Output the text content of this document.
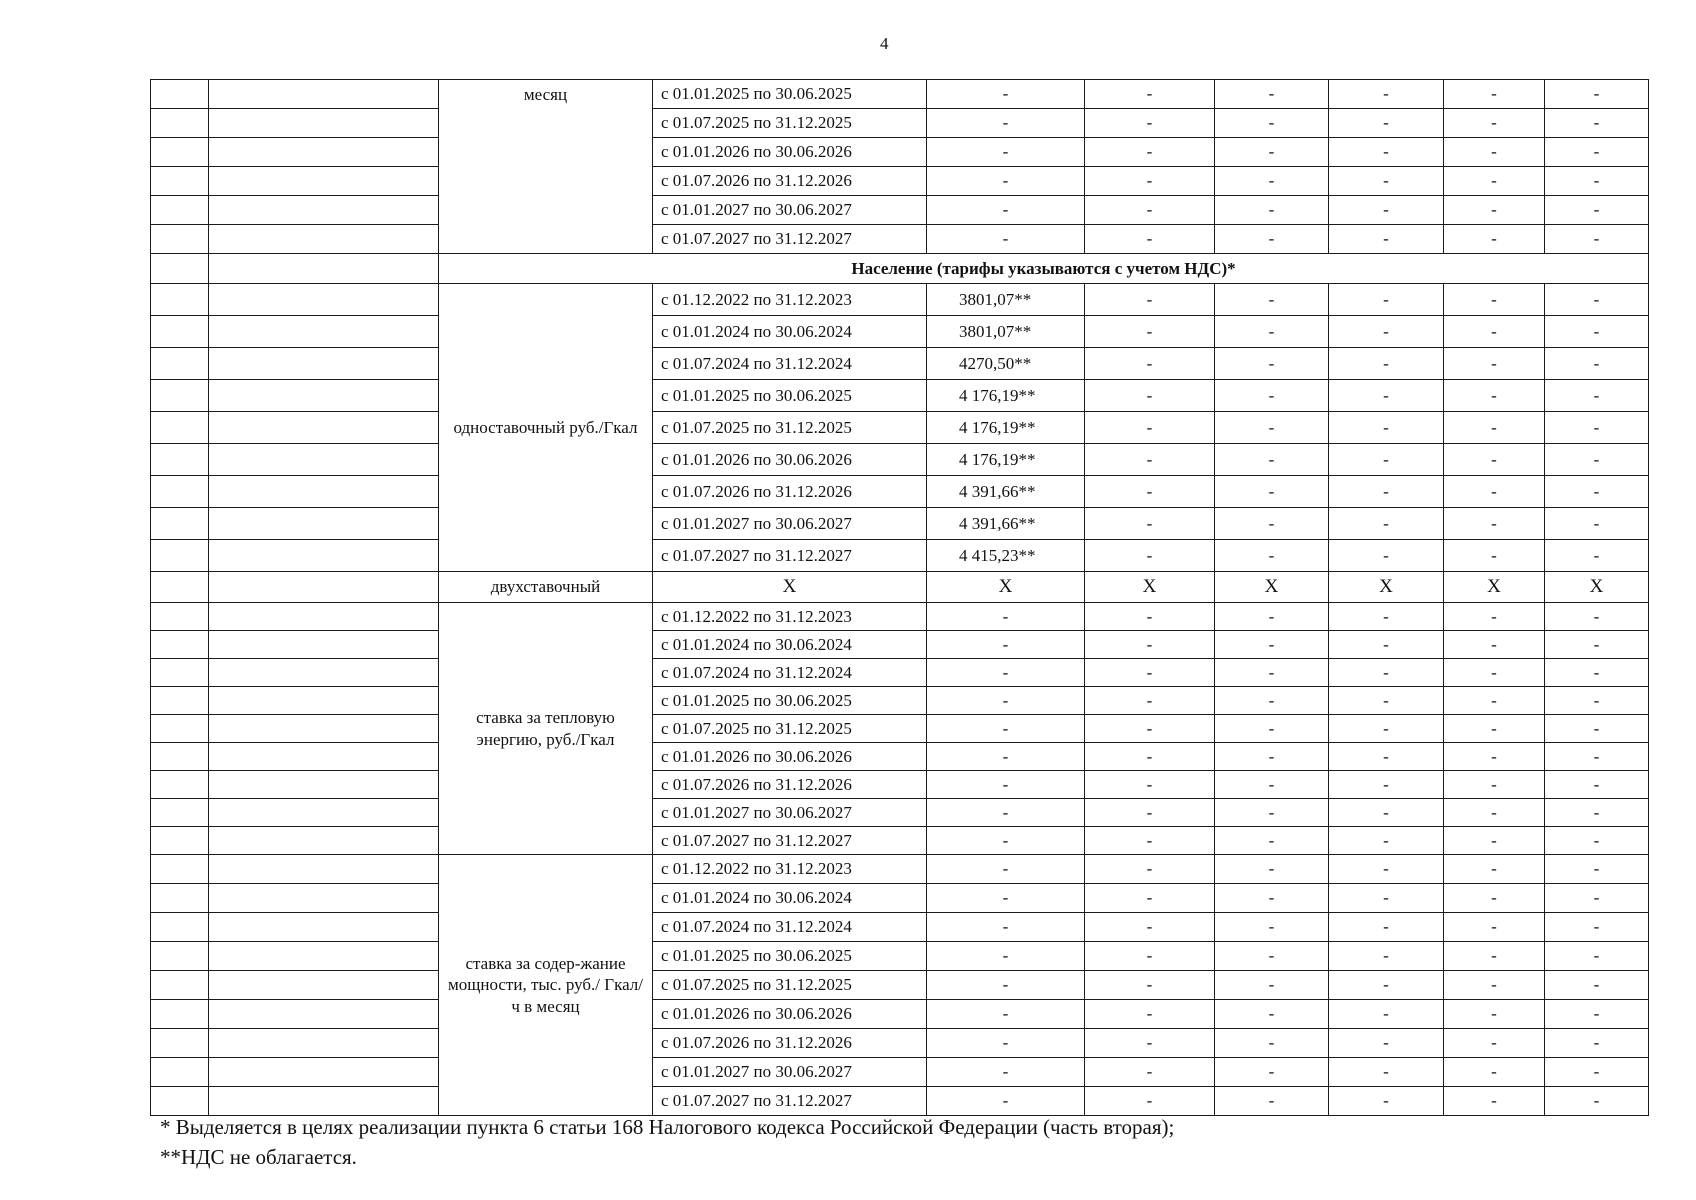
4
		месяц	с 01.01.2025 по 30.06.2025	-	-	-	-	-	-
			с 01.07.2025 по 31.12.2025	-	-	-	-	-	-
			с 01.01.2026 по 30.06.2026	-	-	-	-	-	-
			с 01.07.2026 по 31.12.2026	-	-	-	-	-	-
			с 01.01.2027 по 30.06.2027	-	-	-	-	-	-
			с 01.07.2027 по 31.12.2027	-	-	-	-	-	-
		Население (тарифы указываются с учетом НДС)*							
		одноставочный руб./Гкал	с 01.12.2022 по 31.12.2023	3801,07**	-	-	-	-	-
			с 01.01.2024 по 30.06.2024	3801,07**	-	-	-	-	-
			с 01.07.2024 по 31.12.2024	4270,50**	-	-	-	-	-
			с 01.01.2025 по 30.06.2025	4 176,19**	-	-	-	-	-
			с 01.07.2025 по 31.12.2025	4 176,19**	-	-	-	-	-
			с 01.01.2026 по 30.06.2026	4 176,19**	-	-	-	-	-
			с 01.07.2026 по 31.12.2026	4 391,66**	-	-	-	-	-
			с 01.01.2027 по 30.06.2027	4 391,66**	-	-	-	-	-
			с 01.07.2027 по 31.12.2027	4 415,23**	-	-	-	-	-
		двухставочный	X	X	X	X	X	X	X
		ставка за тепловую энергию, руб./Гкал	с 01.12.2022 по 31.12.2023	-	-	-	-	-	-
			с 01.01.2024 по 30.06.2024	-	-	-	-	-	-
			с 01.07.2024 по 31.12.2024	-	-	-	-	-	-
			с 01.01.2025 по 30.06.2025	-	-	-	-	-	-
			с 01.07.2025 по 31.12.2025	-	-	-	-	-	-
			с 01.01.2026 по 30.06.2026	-	-	-	-	-	-
			с 01.07.2026 по 31.12.2026	-	-	-	-	-	-
			с 01.01.2027 по 30.06.2027	-	-	-	-	-	-
			с 01.07.2027 по 31.12.2027	-	-	-	-	-	-
		ставка за содер-жание мощности, тыс. руб./ Гкал/ч в месяц	с 01.12.2022 по 31.12.2023	-	-	-	-	-	-
			с 01.01.2024 по 30.06.2024	-	-	-	-	-	-
			с 01.07.2024 по 31.12.2024	-	-	-	-	-	-
			с 01.01.2025 по 30.06.2025	-	-	-	-	-	-
			с 01.07.2025 по 31.12.2025	-	-	-	-	-	-
			с 01.01.2026 по 30.06.2026	-	-	-	-	-	-
			с 01.07.2026 по 31.12.2026	-	-	-	-	-	-
			с 01.01.2027 по 30.06.2027	-	-	-	-	-	-
			с 01.07.2027 по 31.12.2027	-	-	-	-	-	-
* Выделяется в целях реализации пункта 6 статьи 168 Налогового кодекса Российской Федерации (часть вторая);
**НДС не облагается.
